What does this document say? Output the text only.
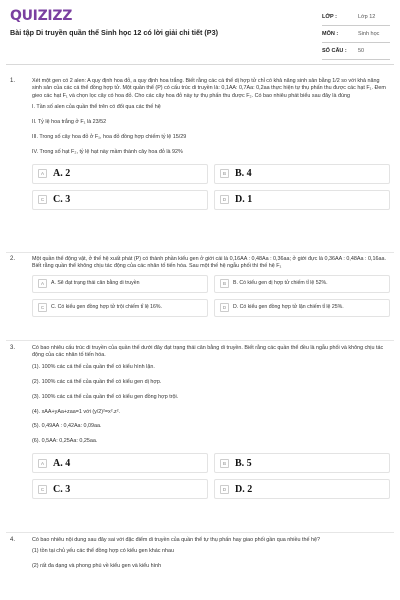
QUIZIZZ
Bài tập Di truyền quần thể Sinh học 12 có lời giải chi tiết (P3)
LỚP :	Lớp 12
MÔN :	Sinh học
SỐ CÂU :	50
1.	Xét một gen có 2 alen: A quy định hoa đỏ, a quy định hoa trắng. Biết rằng các cá thể dị hợp tử chỉ có khả năng sinh sản bằng 1/2 so với khả năng sinh sản của các cá thể đồng hợp tử. Một quần thể (P) có cấu trúc di truyền là: 0,1AA: 0,7Aa: 0,2aa thực hiện tự thụ phấn thu được các hạt F₁. Đem gieo các hạt F₁ và chọn lọc cây có hoa đỏ. Cho các cây hoa đỏ này tự thụ phấn thu được F₂. Có bao nhiêu phát biểu sau đây là đúng

I. Tần số alen của quần thể trên có đổi qua các thế hệ

II. Tỷ lệ hoa trắng ở F₁ là 23/52

III. Trong số cây hoa đỏ ở F₁, hoa đỏ đồng hợp chiếm tỷ lệ 15/29

IV. Trong số hạt F₂, tỷ lệ hạt này mầm thành cây hoa đỏ là 92%

A A. 2	B B. 4
C C. 3	D D. 1
2.	Một quần thể động vật, ở thế hệ xuất phát (P) có thành phần kiểu gen ở giới cái là 0,16AA : 0,48Aa : 0,36aa; ở giới đực là 0,36AA : 0,48Aa : 0,16aa. Biết rằng quần thể không chịu tác động của các nhân tố tiến hóa. Sau một thế hệ ngẫu phối thì thế hệ F₁

A	A. Sẽ đạt trạng thái cân bằng di truyền	B	B. Có kiểu gen dị hợp tử chiếm tỉ lệ 52%.
C	C. Có kiểu gen đồng hợp tử trội chiếm tỉ lệ 16%.	D	D. Có kiểu gen đồng hợp tử lặn chiếm tỉ lệ 25%.
3.	Có bao nhiêu cấu trúc di truyền của quần thể dưới đây đạt trạng thái cân bằng di truyền. Biết rằng các quần thể đều là ngẫu phối và không chịu tác động của các nhân tố tiến hóa.

(1). 100% các cá thể của quần thể có kiểu hình lặn.

(2). 100% các cá thể của quần thể có kiểu gen dị hợp.

(3). 100% các cá thể của quần thể có kiểu gen đồng hợp trội.

(4). xAA+yAa+zaa=1 với (y/2)²=x².z².

(5). 0,49AA : 0,42Aa: 0,09aa.

(6). 0,5AA: 0,25Aa: 0,25aa.

A A. 4	B B. 5
C C. 3	D D. 2
4.	Có bao nhiêu nội dung sau đây sai với đặc điểm di truyền của quần thể tự thụ phấn hay giao phối gần qua nhiều thế hệ?

(1) tồn tại chủ yếu các thể đồng hợp có kiểu gen khác nhau

(2) rất đa dạng và phong phú về kiểu gen và kiểu hình
